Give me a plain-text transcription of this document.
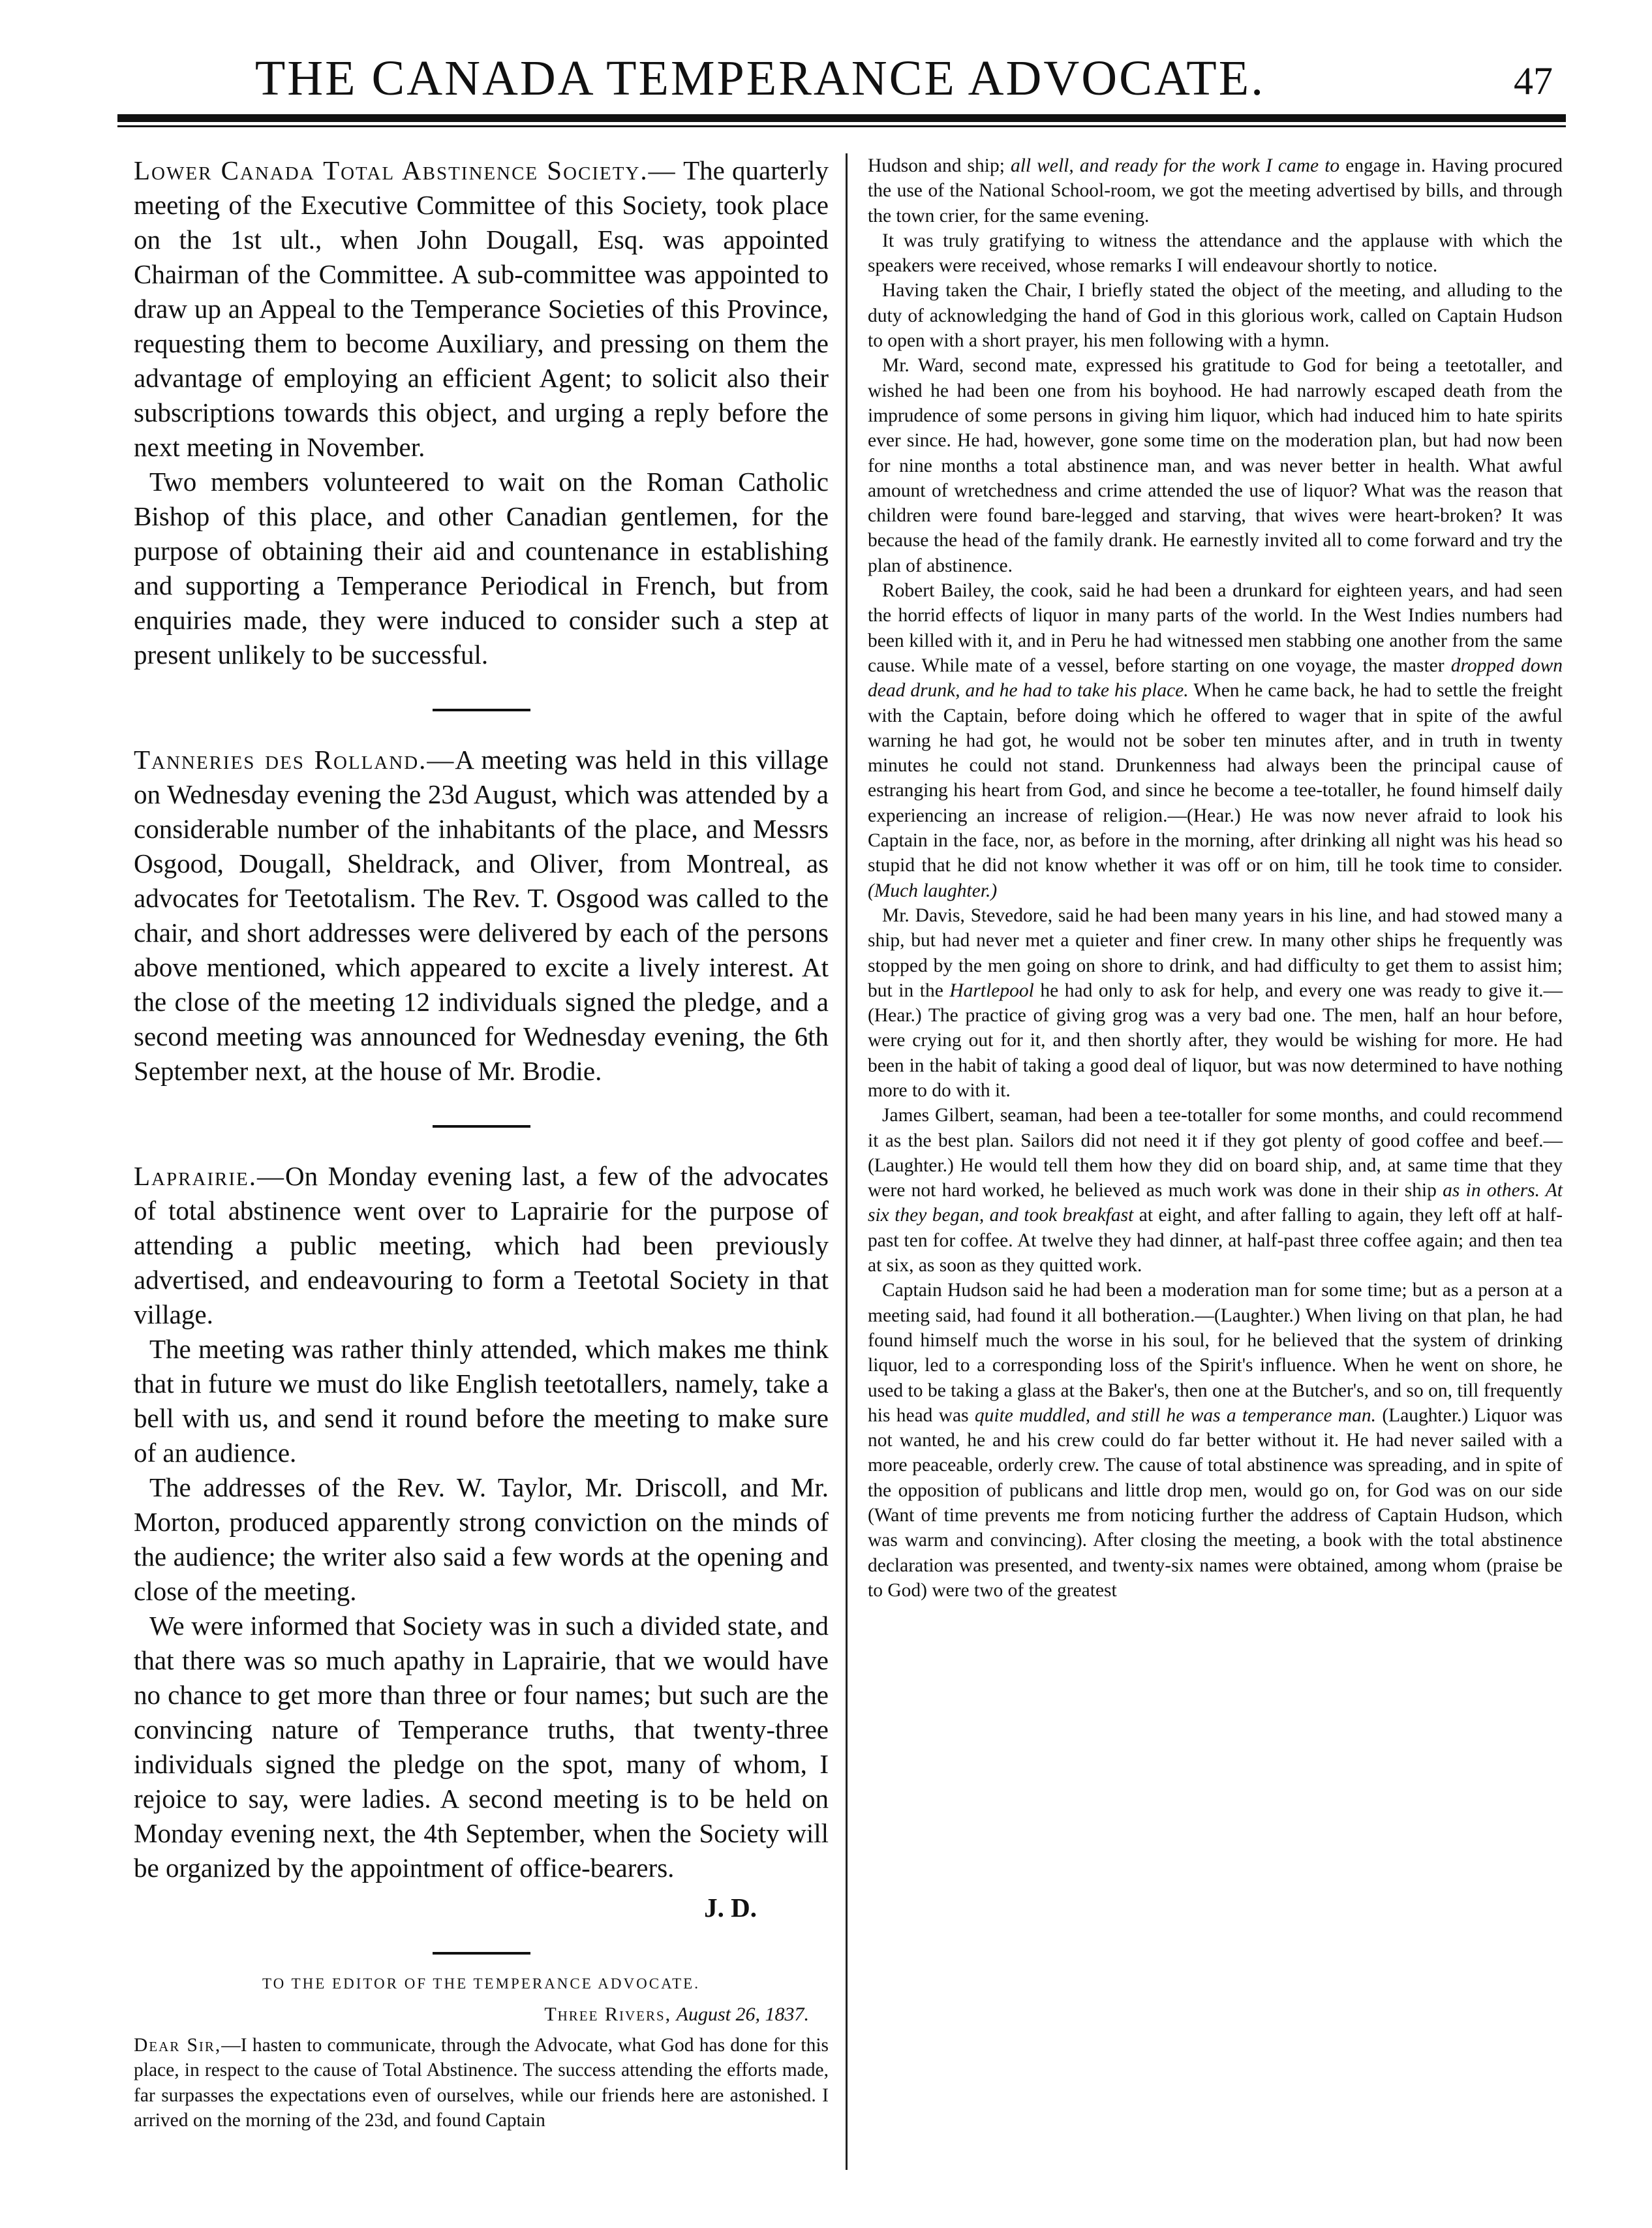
THE CANADA TEMPERANCE ADVOCATE.	47

Lower Canada Total Abstinence Society.— The quarterly meeting of the Executive Committee of this Society, took place on the 1st ult., when John Dougall, Esq. was appointed Chairman of the Committee. A sub-committee was appointed to draw up an Appeal to the Temperance Societies of this Province, requesting them to become Auxiliary, and pressing on them the advantage of employing an efficient Agent; to solicit also their subscriptions towards this object, and urging a reply before the next meeting in November.

Two members volunteered to wait on the Roman Catholic Bishop of this place, and other Canadian gentlemen, for the purpose of obtaining their aid and countenance in establishing and supporting a Temperance Periodical in French, but from enquiries made, they were induced to consider such a step at present unlikely to be successful.

Tanneries des Rolland.—A meeting was held in this village on Wednesday evening the 23d August, which was attended by a considerable number of the inhabitants of the place, and Messrs Osgood, Dougall, Sheldrack, and Oliver, from Montreal, as advocates for Teetotalism. The Rev. T. Osgood was called to the chair, and short addresses were delivered by each of the persons above mentioned, which appeared to excite a lively interest. At the close of the meeting 12 individuals signed the pledge, and a second meeting was announced for Wednesday evening, the 6th September next, at the house of Mr. Brodie.

Laprairie.—On Monday evening last, a few of the advocates of total abstinence went over to Laprairie for the purpose of attending a public meeting, which had been previously advertised, and endeavouring to form a Teetotal Society in that village.

The meeting was rather thinly attended, which makes me think that in future we must do like English teetotallers, namely, take a bell with us, and send it round before the meeting to make sure of an audience.

The addresses of the Rev. W. Taylor, Mr. Driscoll, and Mr. Morton, produced apparently strong conviction on the minds of the audience; the writer also said a few words at the opening and close of the meeting.

We were informed that Society was in such a divided state, and that there was so much apathy in Laprairie, that we would have no chance to get more than three or four names; but such are the convincing nature of Temperance truths, that twenty-three individuals signed the pledge on the spot, many of whom, I rejoice to say, were ladies. A second meeting is to be held on Monday evening next, the 4th September, when the Society will be organized by the appointment of office-bearers.

J. D.
TO THE EDITOR OF THE TEMPERANCE ADVOCATE.
Three Rivers, August 26, 1837.

Dear Sir,—I hasten to communicate, through the Advocate, what God has done for this place, in respect to the cause of Total Abstinence. The success attending the efforts made, far surpasses the expectations even of ourselves, while our friends here are astonished. I arrived on the morning of the 23d, and found Captain

Hudson and ship; all well, and ready for the work I came to engage in. Having procured the use of the National School-room, we got the meeting advertised by bills, and through the town crier, for the same evening.

It was truly gratifying to witness the attendance and the applause with which the speakers were received, whose remarks I will endeavour shortly to notice.

Having taken the Chair, I briefly stated the object of the meeting, and alluding to the duty of acknowledging the hand of God in this glorious work, called on Captain Hudson to open with a short prayer, his men following with a hymn.

Mr. Ward, second mate, expressed his gratitude to God for being a teetotaller, and wished he had been one from his boyhood. He had narrowly escaped death from the imprudence of some persons in giving him liquor, which had induced him to hate spirits ever since. He had, however, gone some time on the moderation plan, but had now been for nine months a total abstinence man, and was never better in health. What awful amount of wretchedness and crime attended the use of liquor? What was the reason that children were found bare-legged and starving, that wives were heart-broken? It was because the head of the family drank. He earnestly invited all to come forward and try the plan of abstinence.

Robert Bailey, the cook, said he had been a drunkard for eighteen years, and had seen the horrid effects of liquor in many parts of the world. In the West Indies numbers had been killed with it, and in Peru he had witnessed men stabbing one another from the same cause. While mate of a vessel, before starting on one voyage, the master dropped down dead drunk, and he had to take his place. When he came back, he had to settle the freight with the Captain, before doing which he offered to wager that in spite of the awful warning he had got, he would not be sober ten minutes after, and in truth in twenty minutes he could not stand. Drunkenness had always been the principal cause of estranging his heart from God, and since he become a tee-totaller, he found himself daily experiencing an increase of religion.—(Hear.) He was now never afraid to look his Captain in the face, nor, as before in the morning, after drinking all night was his head so stupid that he did not know whether it was off or on him, till he took time to consider. (Much laughter.)

Mr. Davis, Stevedore, said he had been many years in his line, and had stowed many a ship, but had never met a quieter and finer crew. In many other ships he frequently was stopped by the men going on shore to drink, and had difficulty to get them to assist him; but in the Hartlepool he had only to ask for help, and every one was ready to give it.—(Hear.) The practice of giving grog was a very bad one. The men, half an hour before, were crying out for it, and then shortly after, they would be wishing for more. He had been in the habit of taking a good deal of liquor, but was now determined to have nothing more to do with it.

James Gilbert, seaman, had been a tee-totaller for some months, and could recommend it as the best plan. Sailors did not need it if they got plenty of good coffee and beef.—(Laughter.) He would tell them how they did on board ship, and, at same time that they were not hard worked, he believed as much work was done in their ship as in others. At six they began, and took breakfast at eight, and after falling to again, they left off at half-past ten for coffee. At twelve they had dinner, at half-past three coffee again; and then tea at six, as soon as they quitted work.

Captain Hudson said he had been a moderation man for some time; but as a person at a meeting said, had found it all botheration.—(Laughter.) When living on that plan, he had found himself much the worse in his soul, for he believed that the system of drinking liquor, led to a corresponding loss of the Spirit's influence. When he went on shore, he used to be taking a glass at the Baker's, then one at the Butcher's, and so on, till frequently his head was quite muddled, and still he was a temperance man. (Laughter.) Liquor was not wanted, he and his crew could do far better without it. He had never sailed with a more peaceable, orderly crew. The cause of total abstinence was spreading, and in spite of the opposition of publicans and little drop men, would go on, for God was on our side (Want of time prevents me from noticing further the address of Captain Hudson, which was warm and convincing). After closing the meeting, a book with the total abstinence declaration was presented, and twenty-six names were obtained, among whom (praise be to God) were two of the greatest
